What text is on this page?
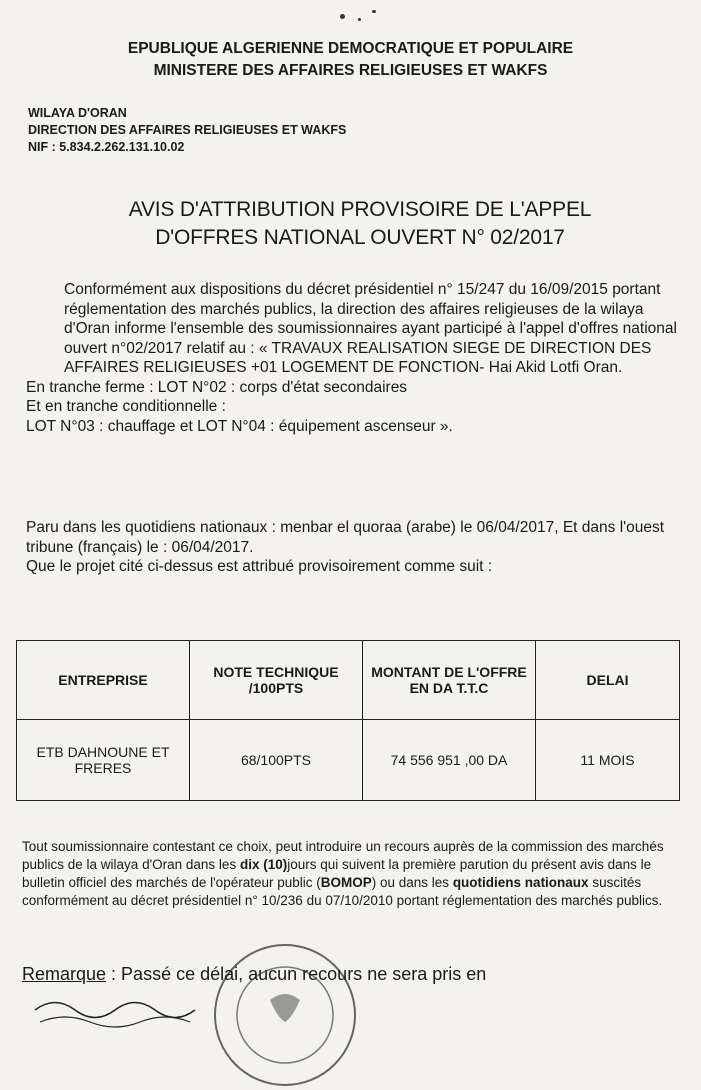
EPUBLIQUE ALGERIENNE DEMOCRATIQUE ET POPULAIRE
MINISTERE DES AFFAIRES RELIGIEUSES ET WAKFS
WILAYA D'ORAN
DIRECTION DES AFFAIRES RELIGIEUSES ET WAKFS
NIF : 5.834.2.262.131.10.02
AVIS D'ATTRIBUTION PROVISOIRE DE L'APPEL
D'OFFRES NATIONAL OUVERT N° 02/2017

Conformément aux dispositions du décret présidentiel n° 15/247 du 16/09/2015 portant réglementation des marchés publics, la direction des affaires religieuses de la wilaya d'Oran informe l'ensemble des soumissionnaires ayant participé à l'appel d'offres national ouvert n°02/2017 relatif au : « TRAVAUX REALISATION SIEGE DE DIRECTION DES AFFAIRES RELIGIEUSES +01 LOGEMENT DE FONCTION- Hai Akid Lotfi Oran.

En tranche ferme : LOT N°02 : corps d'état secondaires

Et en tranche conditionnelle :

LOT N°03 : chauffage et LOT N°04 : équipement ascenseur ».

Paru dans les quotidiens nationaux : menbar el quoraa (arabe) le 06/04/2017, Et dans l'ouest tribune (français) le : 06/04/2017.

Que le projet cité ci-dessus est attribué provisoirement comme suit :

ENTREPRISE	NOTE TECHNIQUE /100PTS	MONTANT DE L'OFFRE EN DA T.T.C	DELAI
ETB DAHNOUNE ET FRERES	68/100PTS	74 556 951 ,00 DA	11 MOIS
Tout soumissionnaire contestant ce choix, peut introduire un recours auprès de la commission des marchés publics de la wilaya d'Oran dans les dix (10)jours qui suivent la première parution du présent avis dans le bulletin officiel des marchés de l'opérateur public (BOMOP) ou dans les quotidiens nationaux suscités conformément au décret présidentiel n° 10/236 du 07/10/2010 portant réglementation des marchés publics.
Remarque : Passé ce délai, aucun recours ne sera pris en
